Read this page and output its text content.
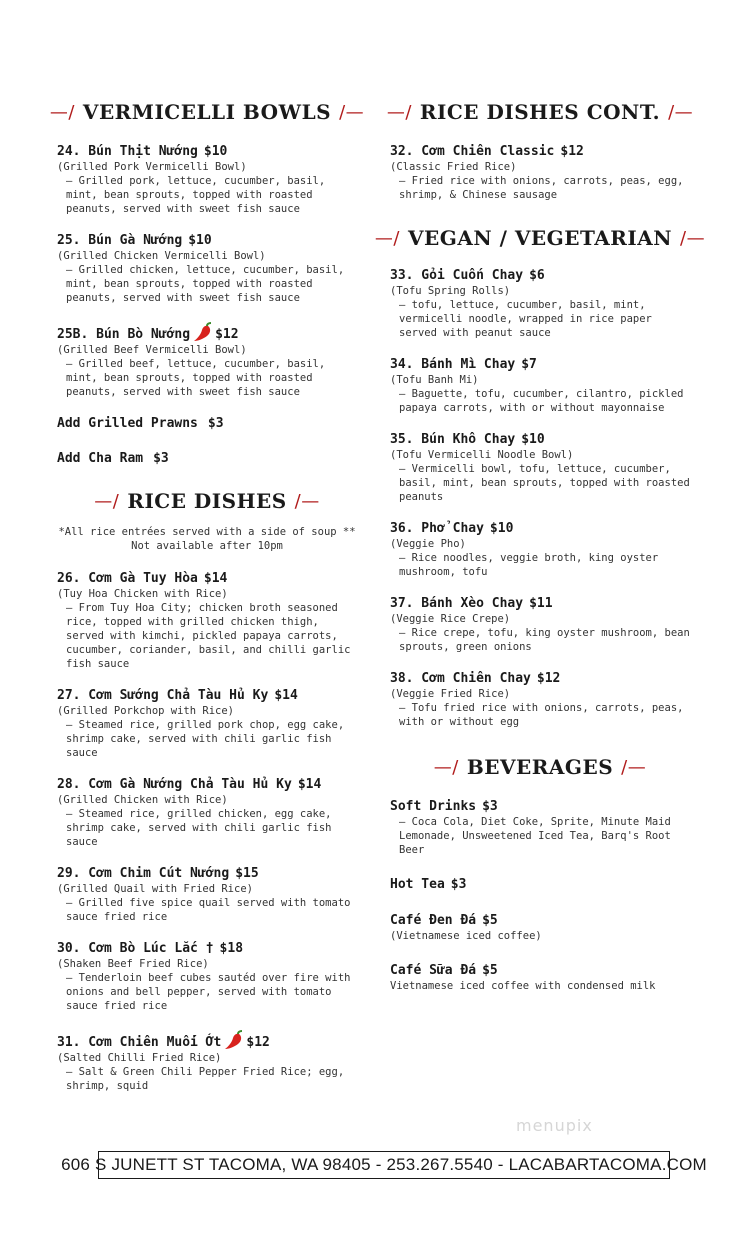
—/ VERMICELLI BOWLS /—
24. Bún Thịt Nướng $10
(Grilled Pork Vermicelli Bowl)
– Grilled pork, lettuce, cucumber, basil, mint, bean sprouts, topped with roasted peanuts, served with sweet fish sauce
25. Bún Gà Nướng $10
(Grilled Chicken Vermicelli Bowl)
– Grilled chicken, lettuce, cucumber, basil, mint, bean sprouts, topped with roasted peanuts, served with sweet fish sauce
25B. Bún Bò Nướng $12
(Grilled Beef Vermicelli Bowl)
– Grilled beef, lettuce, cucumber, basil, mint, bean sprouts, topped with roasted peanuts, served with sweet fish sauce
Add Grilled Prawns $3
Add Cha Ram $3
—/ RICE DISHES /—
*All rice entrées served with a side of soup **
Not available after 10pm
26. Cơm Gà Tuy Hòa $14
(Tuy Hoa Chicken with Rice)
– From Tuy Hoa City; chicken broth seasoned rice, topped with grilled chicken thigh, served with kimchi, pickled papaya carrots, cucumber, coriander, basil, and chilli garlic fish sauce
27. Cơm Sướng Chả Tàu Hủ Ky $14
(Grilled Porkchop with Rice)
– Steamed rice, grilled pork chop, egg cake, shrimp cake, served with chili garlic fish sauce
28. Cơm Gà Nướng Chả Tàu Hủ Ky $14
(Grilled Chicken with Rice)
– Steamed rice, grilled chicken, egg cake, shrimp cake, served with chili garlic fish sauce
29. Cơm Chim Cút Nướng $15
(Grilled Quail with Fried Rice)
– Grilled five spice quail served with tomato sauce fried rice
30. Cơm Bò Lúc Lắc † $18
(Shaken Beef Fried Rice)
– Tenderloin beef cubes sautéd over fire with onions and bell pepper, served with tomato sauce fried rice
31. Cơm Chiên Muối Ớt $12
(Salted Chilli Fried Rice)
– Salt & Green Chili Pepper Fried Rice; egg, shrimp, squid
—/ RICE DISHES CONT. /—
32. Cơm Chiên Classic $12
(Classic Fried Rice)
– Fried rice with onions, carrots, peas, egg, shrimp, & Chinese sausage
—/ VEGAN / VEGETARIAN /—
33. Gỏi Cuốn Chay $6
(Tofu Spring Rolls)
– tofu, lettuce, cucumber, basil, mint, vermicelli noodle, wrapped in rice paper served with peanut sauce
34. Bánh Mì Chay $7
(Tofu Banh Mi)
– Baguette, tofu, cucumber, cilantro, pickled papaya carrots, with or without mayonnaise
35. Bún Khô Chay $10
(Tofu Vermicelli Noodle Bowl)
– Vermicelli bowl, tofu, lettuce, cucumber, basil, mint, bean sprouts, topped with roasted peanuts
36. Phở Chay $10
(Veggie Pho)
– Rice noodles, veggie broth, king oyster mushroom, tofu
37. Bánh Xèo Chay $11
(Veggie Rice Crepe)
– Rice crepe, tofu, king oyster mushroom, bean sprouts, green onions
38. Cơm Chiên Chay $12
(Veggie Fried Rice)
– Tofu fried rice with onions, carrots, peas, with or without egg
—/ BEVERAGES /—
Soft Drinks $3
– Coca Cola, Diet Coke, Sprite, Minute Maid Lemonade, Unsweetened Iced Tea, Barq's Root Beer
Hot Tea $3
Café Đen Đá $5
(Vietnamese iced coffee)
Café Sữa Đá $5
Vietnamese iced coffee with condensed milk
menupix
606 S JUNETT ST TACOMA, WA 98405 - 253.267.5540 - LACABARTACOMA.COM
